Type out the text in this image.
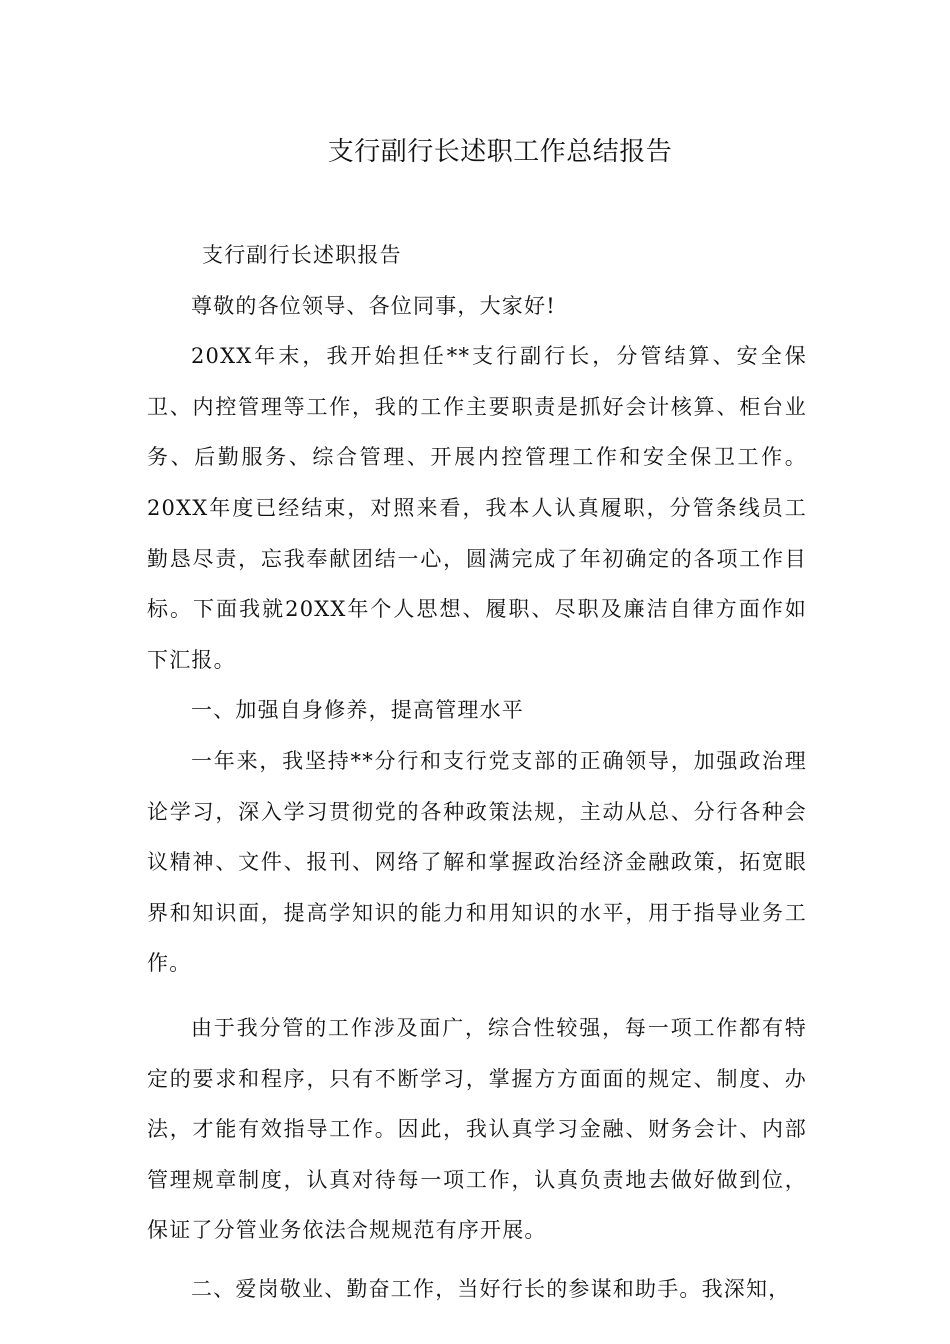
支行副行长述职工作总结报告

支行副行长述职报告

尊敬的各位领导、各位同事，大家好!

20XX年末，我开始担任**支行副行长，分管结算、安全保卫、内控管理等工作，我的工作主要职责是抓好会计核算、柜台业务、后勤服务、综合管理、开展内控管理工作和安全保卫工作。20XX年度已经结束，对照来看，我本人认真履职，分管条线员工勤恳尽责，忘我奉献团结一心，圆满完成了年初确定的各项工作目标。下面我就20XX年个人思想、履职、尽职及廉洁自律方面作如下汇报。

一、加强自身修养，提高管理水平

一年来，我坚持**分行和支行党支部的正确领导，加强政治理论学习，深入学习贯彻党的各种政策法规，主动从总、分行各种会议精神、文件、报刊、网络了解和掌握政治经济金融政策，拓宽眼界和知识面，提高学知识的能力和用知识的水平，用于指导业务工作。

由于我分管的工作涉及面广，综合性较强，每一项工作都有特定的要求和程序，只有不断学习，掌握方方面面的规定、制度、办法，才能有效指导工作。因此，我认真学习金融、财务会计、内部管理规章制度，认真对待每一项工作，认真负责地去做好做到位，保证了分管业务依法合规规范有序开展。

二、爱岗敬业、勤奋工作，当好行长的参谋和助手。我深知，
